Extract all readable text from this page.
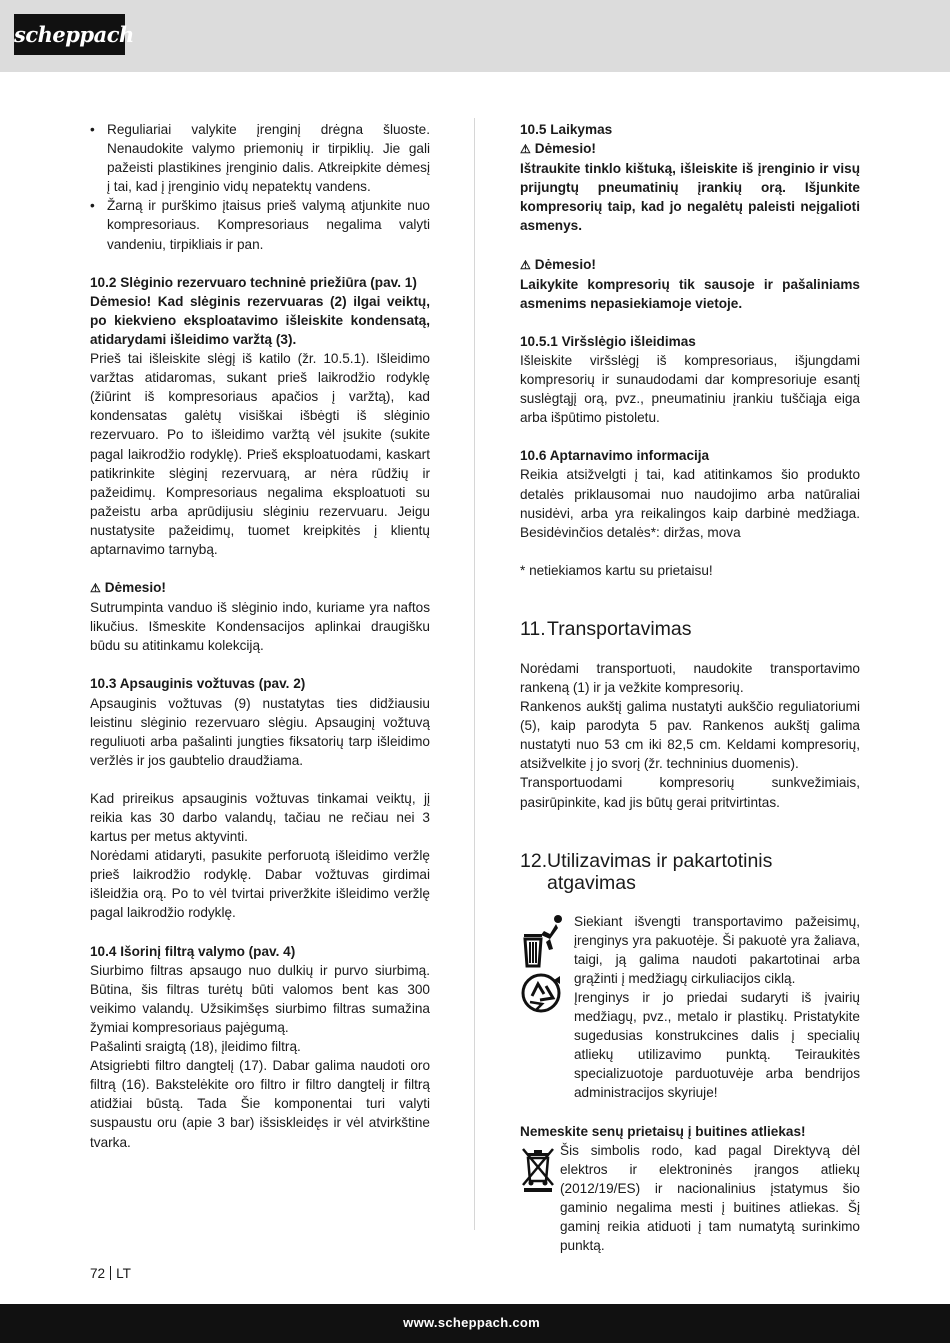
scheppach
• Reguliariai valykite įrenginį drėgna šluoste. Nenaudokite valymo priemonių ir tirpiklių. Jie gali pažeisti plastikines įrenginio dalis. Atkreipkite dėmesį į tai, kad į įrenginio vidų nepatektų vandens.
• Žarną ir purškimo įtaisus prieš valymą atjunkite nuo kompresoriaus. Kompresoriaus negalima valyti vandeniu, tirpikliais ir pan.

10.2 Slėginio rezervuaro techninė priežiūra (pav. 1)

Dėmesio! Kad slėginis rezervuaras (2) ilgai veiktų, po kiekvieno eksploatavimo išleiskite kondensatą, atidarydami išleidimo varžtą (3).

Prieš tai išleiskite slėgį iš katilo (žr. 10.5.1). Išleidimo varžtas atidaromas, sukant prieš laikrodžio rodyklę (žiūrint iš kompresoriaus apačios į varžtą), kad kondensatas galėtų visiškai išbėgti iš slėginio rezervuaro. Po to išleidimo varžtą vėl įsukite (sukite pagal laikrodžio rodyklę). Prieš eksploatuodami, kaskart patikrinkite slėginį rezervuarą, ar nėra rūdžių ir pažeidimų. Kompresoriaus negalima eksploatuoti su pažeistu arba aprūdijusiu slėginiu rezervuaru. Jeigu nustatysite pažeidimų, tuomet kreipkitės į klientų aptarnavimo tarnybą.

⚠ Dėmesio!

Sutrumpinta vanduo iš slėginio indo, kuriame yra naftos likučius. Išmeskite Kondensacijos aplinkai draugišku būdu su atitinkamu kolekciją.

10.3 Apsauginis vožtuvas (pav. 2)

Apsauginis vožtuvas (9) nustatytas ties didžiausiu leistinu slėginio rezervuaro slėgiu. Apsauginį vožtuvą reguliuoti arba pašalinti jungties fiksatorių tarp išleidimo veržlės ir jos gaubtelio draudžiama.

Kad prireikus apsauginis vožtuvas tinkamai veiktų, jį reikia kas 30 darbo valandų, tačiau ne rečiau nei 3 kartus per metus aktyvinti.

Norėdami atidaryti, pasukite perforuotą išleidimo veržlę prieš laikrodžio rodyklę. Dabar vožtuvas girdimai išleidžia orą. Po to vėl tvirtai priveržkite išleidimo veržlę pagal laikrodžio rodyklę.

10.4 Išorinį filtrą valymo (pav. 4)

Siurbimo filtras apsaugo nuo dulkių ir purvo siurbimą. Būtina, šis filtras turėtų būti valomos bent kas 300 veikimo valandų. Užsikimšęs siurbimo filtras sumažina žymiai kompresoriaus pajėgumą.

Pašalinti sraigtą (18), įleidimo filtrą.

Atsigriebti filtro dangtelį (17). Dabar galima naudoti oro filtrą (16). Bakstelėkite oro filtro ir filtro dangtelį ir filtrą atidžiai būstą. Tada Šie komponentai turi valyti suspaustu oru (apie 3 bar) išsisklеidęs ir vėl atvirkštine tvarka.

10.5 Laikymas

⚠ Dėmesio!

Ištraukite tinklo kištuką, išleiskite iš įrenginio ir visų prijungtų pneumatinių įrankių orą. Išjunkite kompresorių taip, kad jo negalėtų paleisti neįgalioti asmenys.

⚠ Dėmesio!

Laikykite kompresorių tik sausoje ir pašaliniams asmenims nepasiekiamoje vietoje.

10.5.1 Viršslėgio išleidimas

Išleiskite viršslėgį iš kompresoriaus, išjungdami kompresorių ir sunaudodami dar kompresoriuje esantį suslėgtąjį orą, pvz., pneumatiniu įrankiu tuščiąja eiga arba išpūtimo pistoletu.

10.6 Aptarnavimo informacija

Reikia atsižvelgti į tai, kad atitinkamos šio produkto detalės priklausomai nuo naudojimo arba natūraliai nusidėvi, arba yra reikalingos kaip darbinė medžiaga. Besidėvinčios detalės*: diržas, mova

* netiekiamos kartu su prietaisu!

11.Transportavimas

Norėdami transportuoti, naudokite transportavimo rankeną (1) ir ja vežkite kompresorių.

Rankenos aukštį galima nustatyti aukščio reguliatoriumi (5), kaip parodyta 5 pav. Rankenos aukštį galima nustatyti nuo 53 cm iki 82,5 cm. Keldami kompresorių, atsižvelkite į jo svorį (žr. techninius duomenis).

Transportuodami kompresorių sunkvežimiais, pasirūpinkite, kad jis būtų gerai pritvirtintas.

12.Utilizavimas ir pakartotinis
atgavimas

Siekiant išvengti transportavimo pažeisimų, įrenginys yra pakuotėje. Ši pakuotė yra žaliava, taigi, ją galima naudoti pakartotinai arba grąžinti į medžiagų cirkuliacijos ciklą.

Įrenginys ir jo priedai sudaryti iš įvairių medžiagų, pvz., metalo ir plastikų. Pristatykite sugedusias konstrukcines dalis į specialių atliekų utilizavimo punktą. Teiraukitės specializuotoje parduotuvėje arba bendrijos administracijos skyriuje!

Nemeskite senų prietaisų į buitines atliekas!

Šis simbolis rodo, kad pagal Direktyvą dėl elektros ir elektroninės įrangos atliekų (2012/19/ES) ir nacionalinius įstatymus šio gaminio negalima mesti į buitines atliekas. Šį gaminį reikia atiduoti į tam numatytą surinkimo punktą.

72 LT
www.scheppach.com
